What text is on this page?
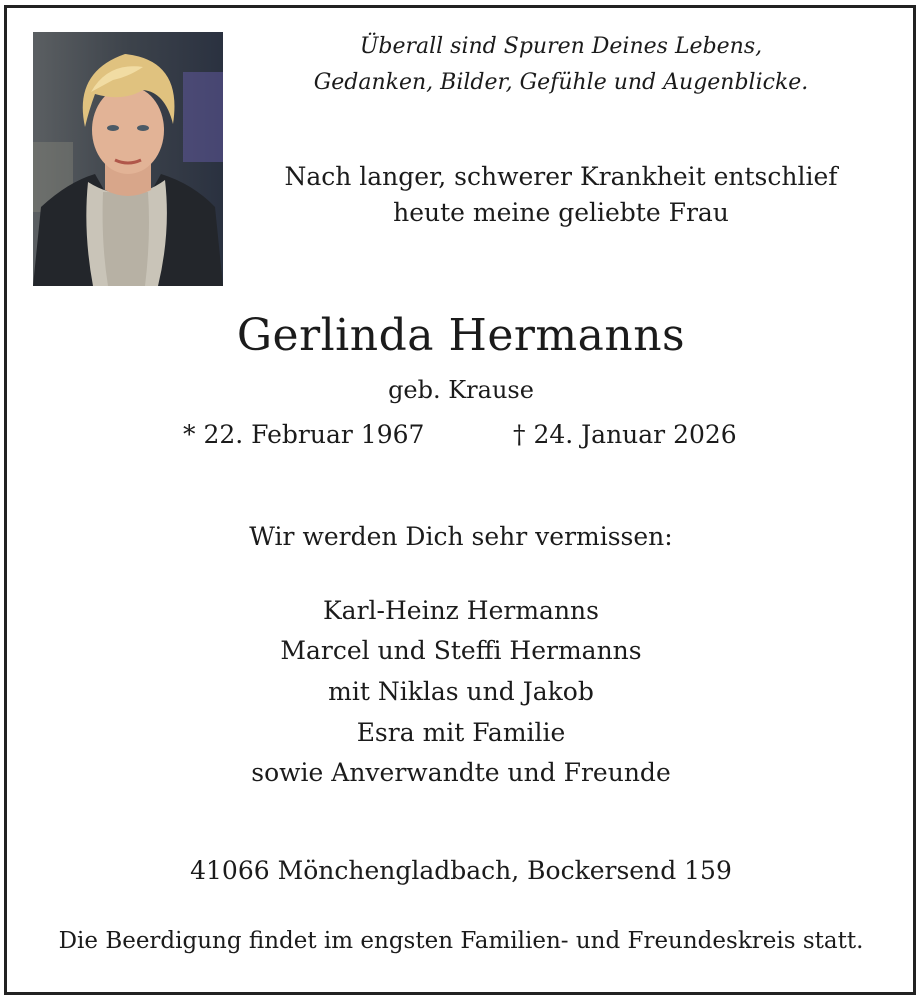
Überall sind Spuren Deines Lebens,
Gedanken, Bilder, Gefühle und Augenblicke.
Nach langer, schwerer Krankheit entschlief
heute meine geliebte Frau
Gerlinda Hermanns
geb. Krause
* 22. Februar 1967	† 24. Januar 2026
Wir werden Dich sehr vermissen:
Karl-Heinz Hermanns
Marcel und Steffi Hermanns
mit Niklas und Jakob
Esra mit Familie
sowie Anverwandte und Freunde
41066 Mönchengladbach, Bockersend 159
Die Beerdigung findet im engsten Familien- und Freundeskreis statt.
